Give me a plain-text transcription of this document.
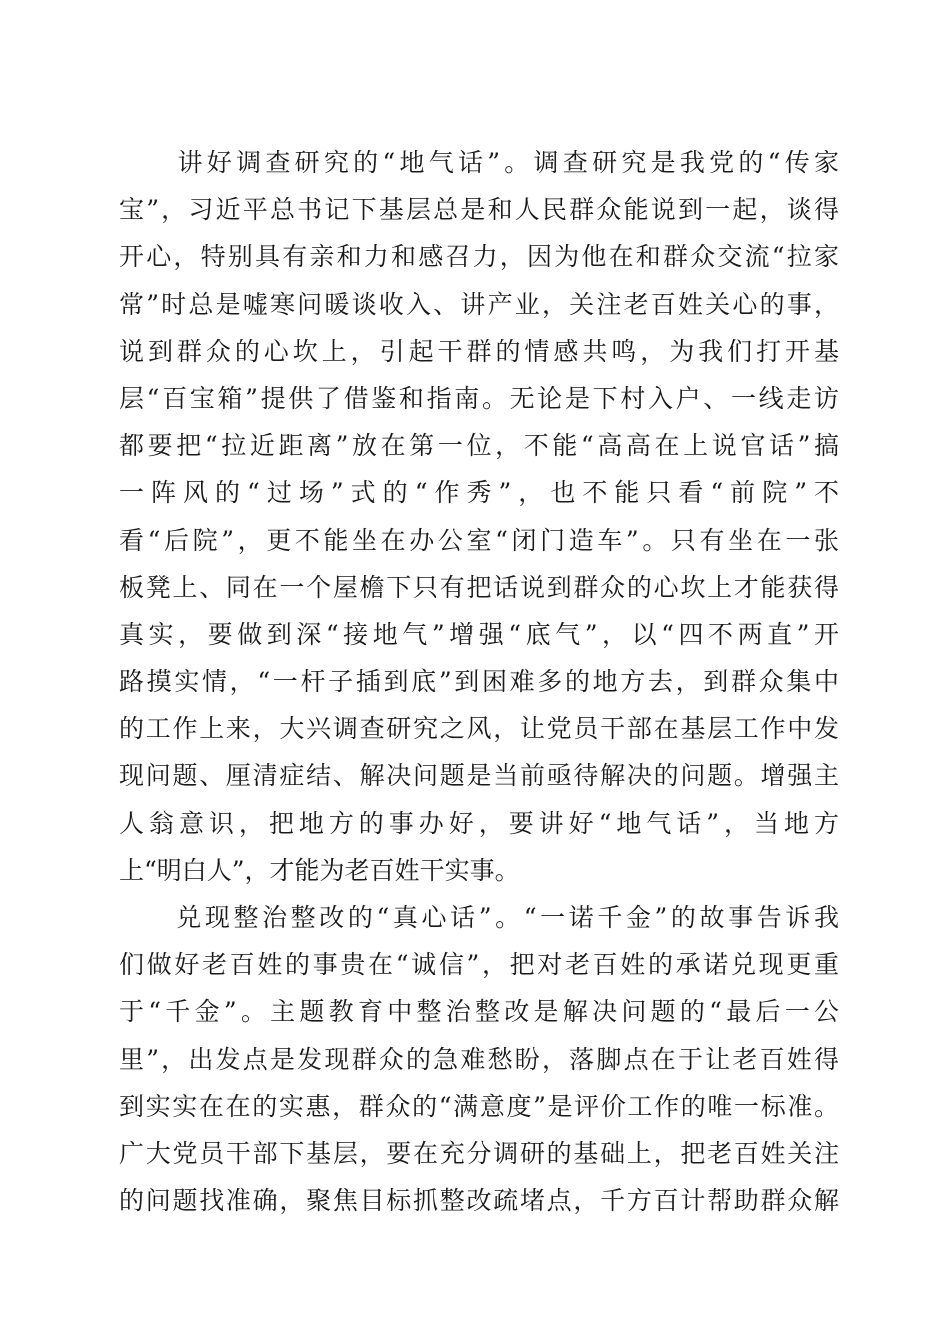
　　讲好调查研究的“地气话”。调查研究是我党的“传家
宝”，习近平总书记下基层总是和人民群众能说到一起，谈得
开心，特别具有亲和力和感召力，因为他在和群众交流“拉家
常”时总是嘘寒问暖谈收入、讲产业，关注老百姓关心的事，
说到群众的心坎上，引起干群的情感共鸣，为我们打开基
层“百宝箱”提供了借鉴和指南。无论是下村入户、一线走访
都要把“拉近距离”放在第一位，不能“高高在上说官话”搞
一阵风的“过场”式的“作秀”，也不能只看“前院”不
看“后院”，更不能坐在办公室“闭门造车”。只有坐在一张
板凳上、同在一个屋檐下只有把话说到群众的心坎上才能获得
真实，要做到深“接地气”增强“底气”，以“四不两直”开
路摸实情，“一杆子插到底”到困难多的地方去，到群众集中
的工作上来，大兴调查研究之风，让党员干部在基层工作中发
现问题、厘清症结、解决问题是当前亟待解决的问题。增强主
人翁意识，把地方的事办好，要讲好“地气话”，当地方
上“明白人”，才能为老百姓干实事。
　　兑现整治整改的“真心话”。“一诺千金”的故事告诉我
们做好老百姓的事贵在“诚信”，把对老百姓的承诺兑现更重
于“千金”。主题教育中整治整改是解决问题的“最后一公
里”，出发点是发现群众的急难愁盼，落脚点在于让老百姓得
到实实在在的实惠，群众的“满意度”是评价工作的唯一标准。
广大党员干部下基层，要在充分调研的基础上，把老百姓关注
的问题找准确，聚焦目标抓整改疏堵点，千方百计帮助群众解
